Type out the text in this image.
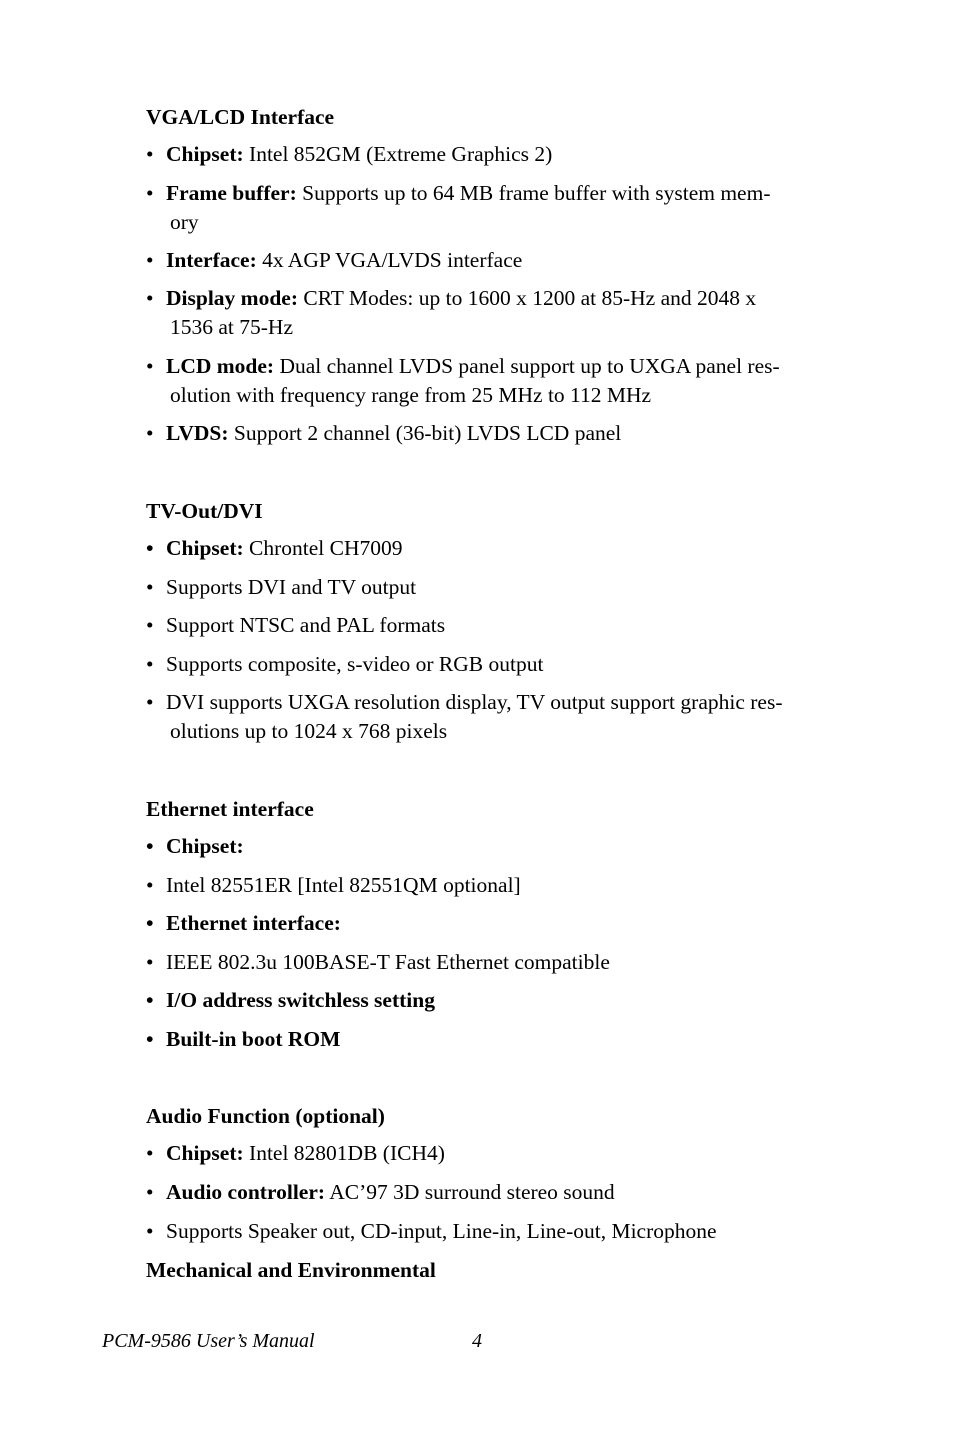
VGA/LCD Interface
• Chipset: Intel 852GM (Extreme Graphics 2)
• Frame buffer: Supports up to 64 MB frame buffer with system mem-
ory
• Interface: 4x AGP VGA/LVDS interface
• Display mode: CRT Modes: up to 1600 x 1200 at 85-Hz and 2048 x
1536 at 75-Hz
• LCD mode: Dual channel LVDS panel support up to UXGA panel res-
olution with frequency range from 25 MHz to 112 MHz
• LVDS: Support 2 channel (36-bit) LVDS LCD panel
TV-Out/DVI
• Chipset: Chrontel CH7009
• Supports DVI and TV output
• Support NTSC and PAL formats
• Supports composite, s-video or RGB output
• DVI supports UXGA resolution display, TV output support graphic res-
olutions up to 1024 x 768 pixels
Ethernet interface
• Chipset:
• Intel 82551ER [Intel 82551QM optional]
• Ethernet interface:
• IEEE 802.3u 100BASE-T Fast Ethernet compatible
• I/O address switchless setting
• Built-in boot ROM
Audio Function (optional)
• Chipset: Intel 82801DB (ICH4)
• Audio controller: AC’97 3D surround stereo sound
• Supports Speaker out, CD-input, Line-in, Line-out, Microphone
Mechanical and Environmental
PCM-9586 User’s Manual	4
